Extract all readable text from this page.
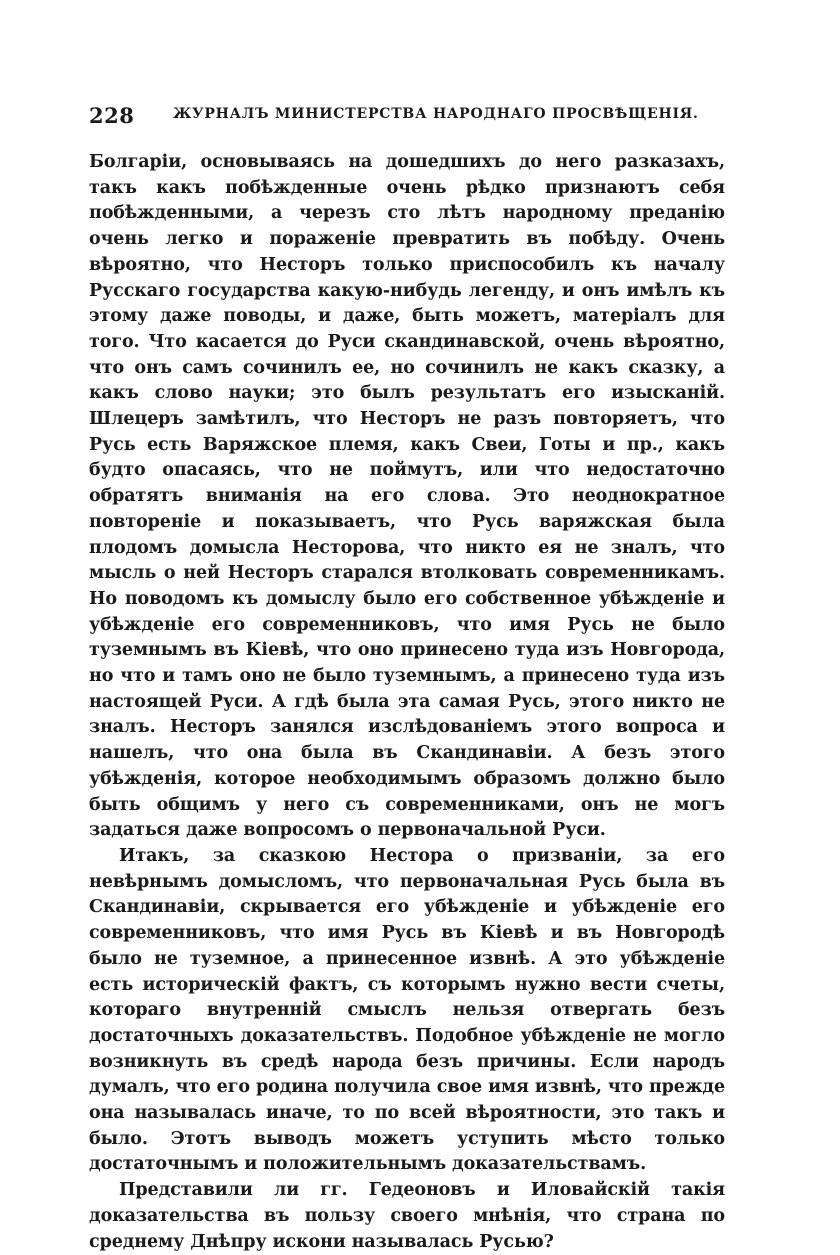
228	ЖУРНАЛЪ МИНИСТЕРСТВА НАРОДНАГО ПРОСВѢЩЕНІЯ.

Болгаріи, основываясь на дошедшихъ до него разказахъ, такъ какъ побѣжденные очень рѣдко признаютъ себя побѣжденными, а черезъ сто лѣтъ народному преданію очень легко и пораженіе превратить въ побѣду. Очень вѣроятно, что Несторъ только приспособилъ къ началу Русскаго государства какую-нибудь легенду, и онъ имѣлъ къ этому даже поводы, и даже, быть можетъ, матеріалъ для того. Что касается до Руси скандинавской, очень вѣроятно, что онъ самъ сочинилъ ее, но сочинилъ не какъ сказку, а какъ слово науки; это былъ результатъ его изысканій. Шлецеръ замѣтилъ, что Несторъ не разъ повторяетъ, что Русь есть Варяжское племя, какъ Свеи, Готы и пр., какъ будто опасаясь, что не поймутъ, или что недостаточно обратятъ вниманія на его слова. Это неоднократное повтореніе и показываетъ, что Русь варяжская была плодомъ домысла Несторова, что никто ея не зналъ, что мысль о ней Несторъ старался втолковать современникамъ. Но поводомъ къ домыслу было его собственное убѣжденіе и убѣжденіе его современниковъ, что имя Русь не было туземнымъ въ Кіевѣ, что оно принесено туда изъ Новгорода, но что и тамъ оно не было туземнымъ, а принесено туда изъ настоящей Руси. А гдѣ была эта самая Русь, этого никто не зналъ. Несторъ занялся изслѣдованіемъ этого вопроса и нашелъ, что она была въ Скандинавіи. А безъ этого убѣжденія, которое необходимымъ образомъ должно было быть общимъ у него съ современниками, онъ не могъ задаться даже вопросомъ о первоначальной Руси.

Итакъ, за сказкою Нестора о призваніи, за его невѣрнымъ домысломъ, что первоначальная Русь была въ Скандинавіи, скрывается его убѣжденіе и убѣжденіе его современниковъ, что имя Русь въ Кіевѣ и въ Новгородѣ было не туземное, а принесенное извнѣ. А это убѣжденіе есть историческій фактъ, съ которымъ нужно вести счеты, котораго внутренній смыслъ нельзя отвергать безъ достаточныхъ доказательствъ. Подобное убѣжденіе не могло возникнуть въ средѣ народа безъ причины. Если народъ думалъ, что его родина получила свое имя извнѣ, что прежде она называлась иначе, то по всей вѣроятности, это такъ и было. Этотъ выводъ можетъ уступить мѣсто только достаточнымъ и положительнымъ доказательствамъ.

Представили ли гг. Гедеоновъ и Иловайскій такія доказательства въ пользу своего мнѣнія, что страна по среднему Днѣпру искони называлась Русью?
